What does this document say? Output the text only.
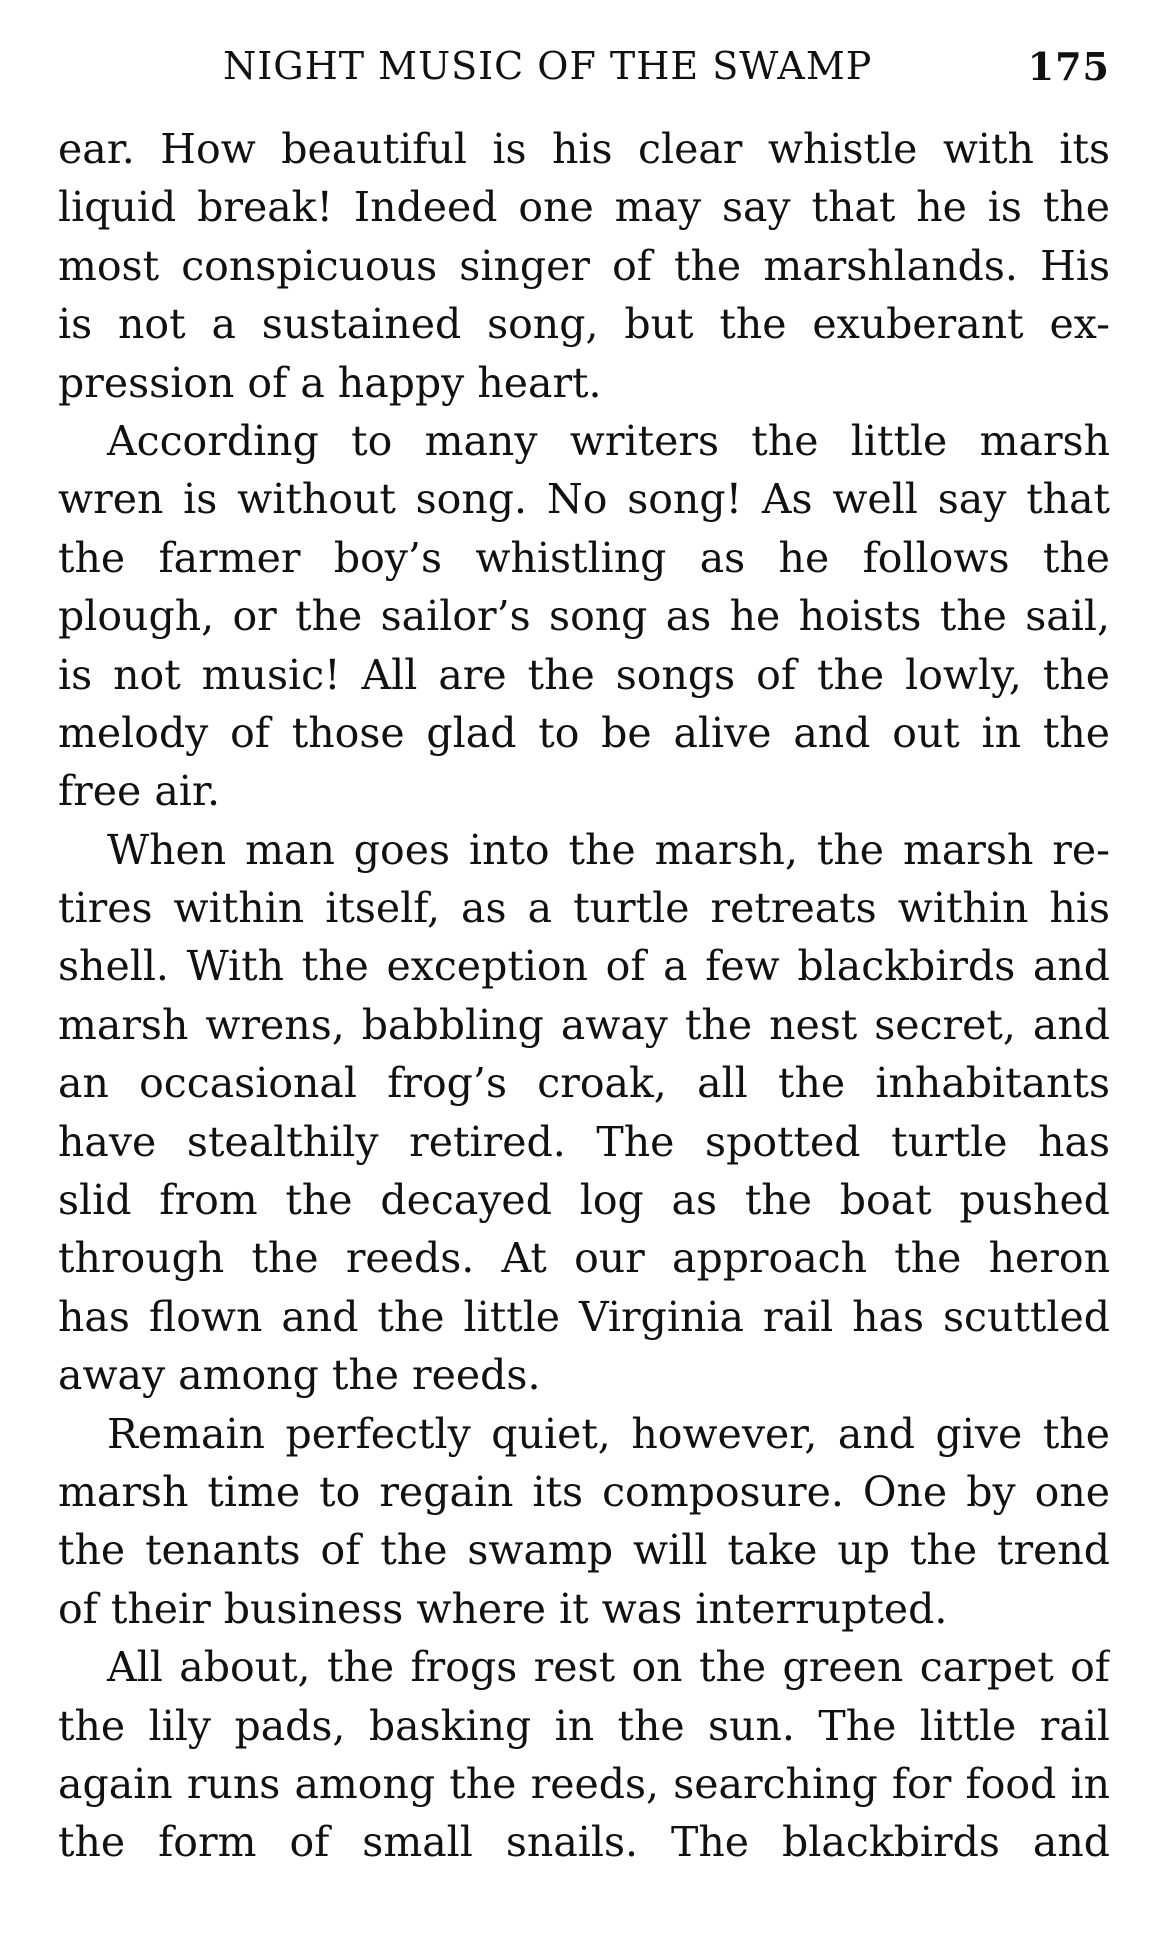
NIGHT MUSIC OF THE SWAMP	175
ear. How beautiful is his clear whistle with its
liquid break! Indeed one may say that he is the
most conspicuous singer of the marshlands. His
is not a sustained song, but the exuberant ex-
pression of a happy heart.
According to many writers the little marsh
wren is without song. No song! As well say that
the farmer boy’s whistling as he follows the
plough, or the sailor’s song as he hoists the sail,
is not music! All are the songs of the lowly, the
melody of those glad to be alive and out in the
free air.
When man goes into the marsh, the marsh re-
tires within itself, as a turtle retreats within his
shell. With the exception of a few blackbirds and
marsh wrens, babbling away the nest secret, and
an occasional frog’s croak, all the inhabitants
have stealthily retired. The spotted turtle has
slid from the decayed log as the boat pushed
through the reeds. At our approach the heron
has flown and the little Virginia rail has scuttled
away among the reeds.
Remain perfectly quiet, however, and give the
marsh time to regain its composure. One by one
the tenants of the swamp will take up the trend
of their business where it was interrupted.
All about, the frogs rest on the green carpet of
the lily pads, basking in the sun. The little rail
again runs among the reeds, searching for food in
the form of small snails. The blackbirds and
